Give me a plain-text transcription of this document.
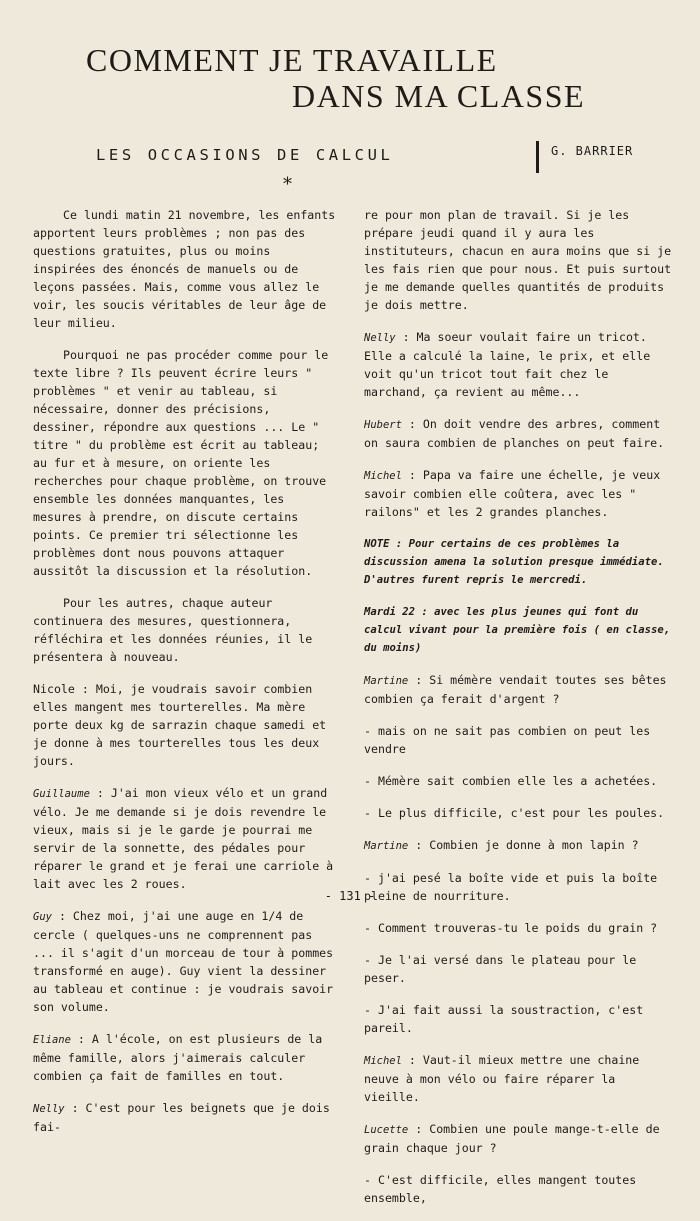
COMMENT JE TRAVAILLE
DANS MA CLASSE
LES OCCASIONS DE CALCUL	G. BARRIER
*

Ce lundi matin 21 novembre, les enfants apportent leurs problèmes ; non pas des questions gratuites, plus ou moins inspirées des énoncés de manuels ou de leçons passées. Mais, comme vous allez le voir, les soucis véritables de leur âge de leur milieu.

Pourquoi ne pas procéder comme pour le texte libre ? Ils peuvent écrire leurs " problèmes " et venir au tableau, si nécessaire, donner des précisions, dessiner, répondre aux questions ... Le " titre " du problème est écrit au tableau; au fur et à mesure, on oriente les recherches pour chaque problème, on trouve ensemble les données manquantes, les mesures à prendre, on discute certains points. Ce premier tri sélectionne les problèmes dont nous pouvons attaquer aussitôt la discussion et la résolution.

Pour les autres, chaque auteur continuera des mesures, questionnera, réfléchira et les données réunies, il le présentera à nouveau.

Nicole : Moi, je voudrais savoir combien elles mangent mes tourterelles. Ma mère porte deux kg de sarrazin chaque samedi et je donne à mes tourterelles tous les deux jours.

Guillaume : J'ai mon vieux vélo et un grand vélo. Je me demande si je dois revendre le vieux, mais si je le garde je pourrai me servir de la sonnette, des pédales pour réparer le grand et je ferai une carriole à lait avec les 2 roues.

Guy : Chez moi, j'ai une auge en 1/4 de cercle ( quelques-uns ne comprennent pas ... il s'agit d'un morceau de tour à pommes transformé en auge). Guy vient la dessiner au tableau et continue : je voudrais savoir son volume.

Eliane : A l'école, on est plusieurs de la même famille, alors j'aimerais calculer combien ça fait de familles en tout.

Nelly : C'est pour les beignets que je dois fai-

re pour mon plan de travail. Si je les prépare jeudi quand il y aura les instituteurs, chacun en aura moins que si je les fais rien que pour nous. Et puis surtout je me demande quelles quantités de produits je dois mettre.

Nelly : Ma soeur voulait faire un tricot. Elle a calculé la laine, le prix, et elle voit qu'un tricot tout fait chez le marchand, ça revient au même...

Hubert : On doit vendre des arbres, comment on saura combien de planches on peut faire.

Michel : Papa va faire une échelle, je veux savoir combien elle coûtera, avec les " railons" et les 2 grandes planches.

NOTE : Pour certains de ces problèmes la discussion amena la solution presque immédiate. D'autres furent repris le mercredi.

Mardi 22 : avec les plus jeunes qui font du calcul vivant pour la première fois ( en classe, du moins)

Martine : Si mémère vendait toutes ses bêtes combien ça ferait d'argent ?

- mais on ne sait pas combien on peut les vendre

- Mémère sait combien elle les a achetées.

- Le plus difficile, c'est pour les poules.

Martine : Combien je donne à mon lapin ?

- j'ai pesé la boîte vide et puis la boîte pleine de nourriture.

- Comment trouveras-tu le poids du grain ?

- Je l'ai versé dans le plateau pour le peser.

- J'ai fait aussi la soustraction, c'est pareil.

Michel : Vaut-il mieux mettre une chaine neuve à mon vélo ou faire réparer la vieille.

Lucette : Combien une poule mange-t-elle de grain chaque jour ?

- C'est difficile, elles mangent toutes ensemble,

- 131 -
